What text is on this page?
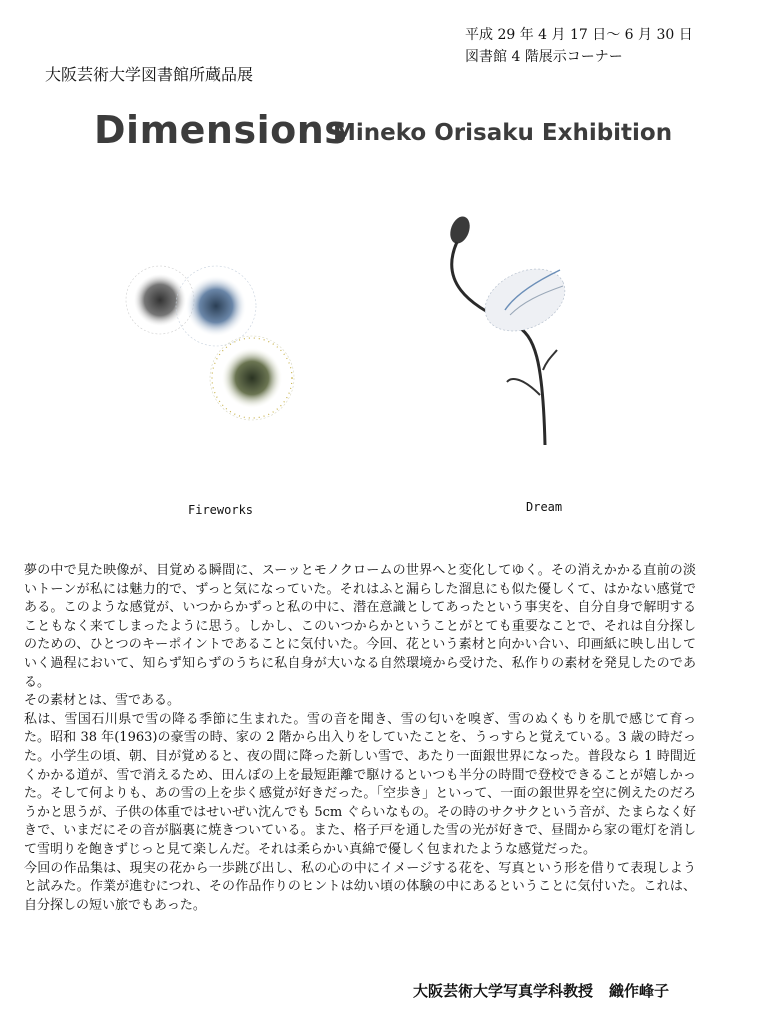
平成 29 年 4 月 17 日～ 6 月 30 日
図書館 4 階展示コーナー
大阪芸術大学図書館所蔵品展
Dimensions
Mineko Orisaku Exhibition
Fireworks	Dream

夢の中で見た映像が、目覚める瞬間に、スーッとモノクロームの世界へと変化してゆく。その消えかかる直前の淡いトーンが私には魅力的で、ずっと気になっていた。それはふと漏らした溜息にも似た優しくて、はかない感覚である。このような感覚が、いつからかずっと私の中に、潜在意識としてあったという事実を、自分自身で解明することもなく来てしまったように思う。しかし、このいつからかということがとても重要なことで、それは自分探しのための、ひとつのキーポイントであることに気付いた。今回、花という素材と向かい合い、印画紙に映し出していく過程において、知らず知らずのうちに私自身が大いなる自然環境から受けた、私作りの素材を発見したのである。

その素材とは、雪である。

私は、雪国石川県で雪の降る季節に生まれた。雪の音を聞き、雪の匂いを嗅ぎ、雪のぬくもりを肌で感じて育った。昭和 38 年(1963)の豪雪の時、家の 2 階から出入りをしていたことを、うっすらと覚えている。3 歳の時だった。小学生の頃、朝、目が覚めると、夜の間に降った新しい雪で、あたり一面銀世界になった。普段なら 1 時間近くかかる道が、雪で消えるため、田んぼの上を最短距離で駆けるといつも半分の時間で登校できることが嬉しかった。そして何よりも、あの雪の上を歩く感覚が好きだった。「空歩き」といって、一面の銀世界を空に例えたのだろうかと思うが、子供の体重ではせいぜい沈んでも 5cm ぐらいなもの。その時のサクサクという音が、たまらなく好きで、いまだにその音が脳裏に焼きついている。また、格子戸を通した雪の光が好きで、昼間から家の電灯を消して雪明りを飽きずじっと見て楽しんだ。それは柔らかい真綿で優しく包まれたような感覚だった。

今回の作品集は、現実の花から一歩跳び出し、私の心の中にイメージする花を、写真という形を借りて表現しようと試みた。作業が進むにつれ、その作品作りのヒントは幼い頃の体験の中にあるということに気付いた。これは、自分探しの短い旅でもあった。

大阪芸術大学写真学科教授 織作峰子
